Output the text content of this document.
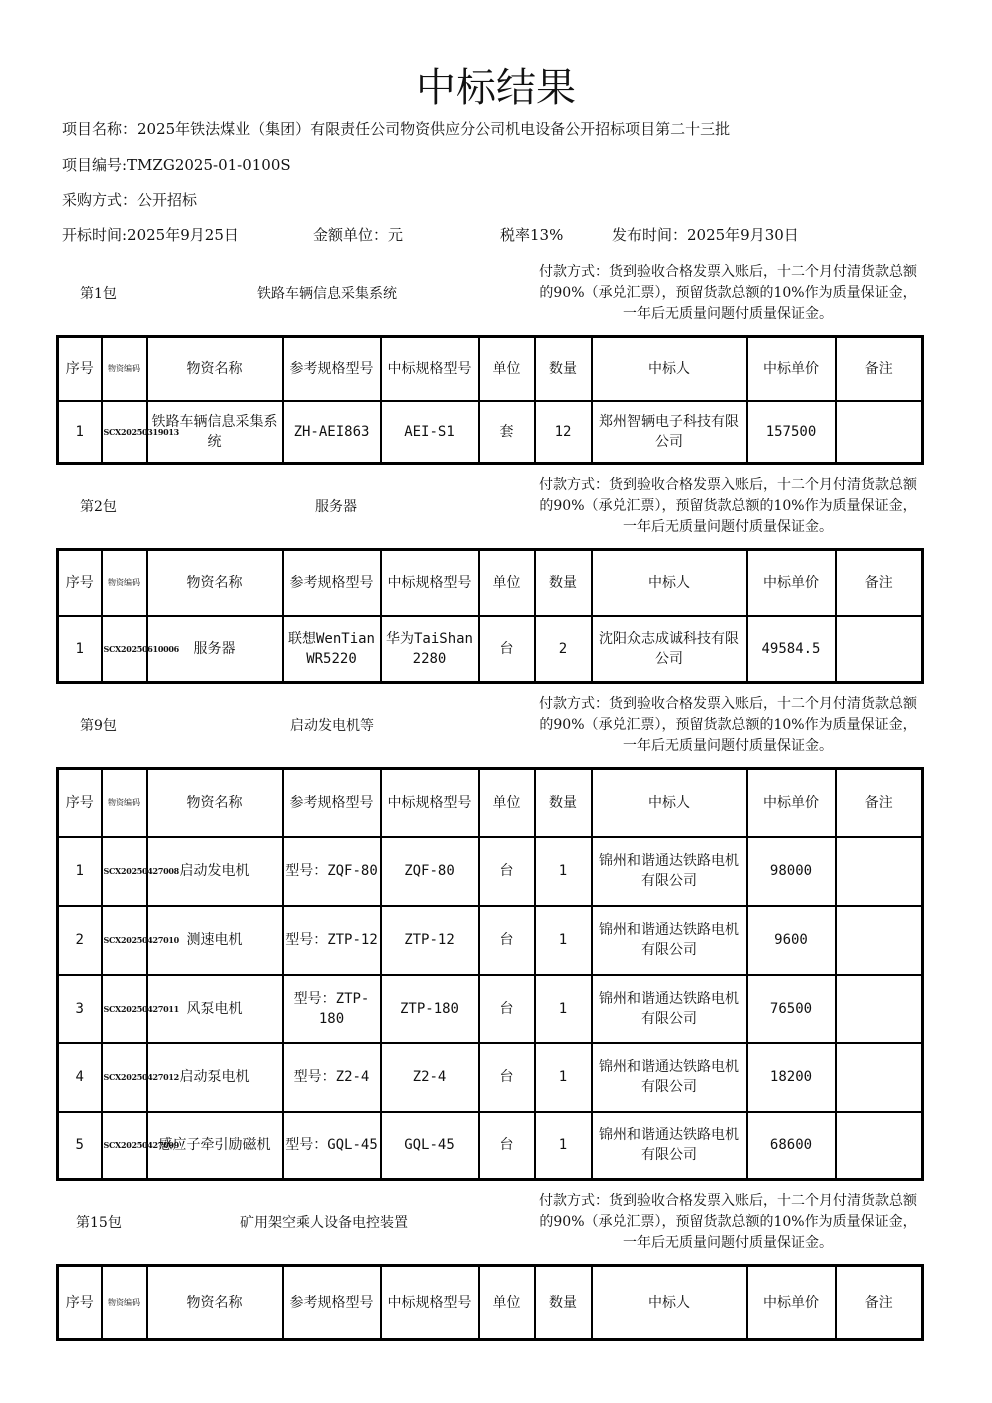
中标结果
项目名称：2025年铁法煤业（集团）有限责任公司物资供应分公司机电设备公开招标项目第二十三批
项目编号:TMZG2025-01-0100S
采购方式：公开招标
开标时间:2025年9月25日	金额单位：元	税率13%	发布时间：2025年9月30日
第1包	铁路车辆信息采集系统
付款方式：货到验收合格发票入账后，十二个月付清货款总额的90%（承兑汇票），预留货款总额的10%作为质量保证金，一年后无质量问题付质量保证金。
序号	物资编码	物资名称	参考规格型号	中标规格型号	单位	数量	中标人	中标单价	备注
1	SCX20250319013	铁路车辆信息采集系统	ZH-AEI863	AEI-S1	套	12	郑州智辆电子科技有限公司	157500	
第2包	服务器
付款方式：货到验收合格发票入账后，十二个月付清货款总额的90%（承兑汇票），预留货款总额的10%作为质量保证金，一年后无质量问题付质量保证金。
序号	物资编码	物资名称	参考规格型号	中标规格型号	单位	数量	中标人	中标单价	备注
1	SCX20250610006	服务器	联想WenTian WR5220	华为TaiShan 2280	台	2	沈阳众志成诚科技有限公司	49584.5	
第9包	启动发电机等
付款方式：货到验收合格发票入账后，十二个月付清货款总额的90%（承兑汇票），预留货款总额的10%作为质量保证金，一年后无质量问题付质量保证金。
序号	物资编码	物资名称	参考规格型号	中标规格型号	单位	数量	中标人	中标单价	备注
1	SCX20250427008	启动发电机	型号：ZQF-80	ZQF-80	台	1	锦州和谐通达铁路电机有限公司	98000	
2	SCX20250427010	测速电机	型号：ZTP-12	ZTP-12	台	1	锦州和谐通达铁路电机有限公司	9600	
3	SCX20250427011	风泵电机	型号：ZTP-180	ZTP-180	台	1	锦州和谐通达铁路电机有限公司	76500	
4	SCX20250427012	启动泵电机	型号：Z2-4	Z2-4	台	1	锦州和谐通达铁路电机有限公司	18200	
5	SCX20250427009	感应子牵引励磁机	型号：GQL-45	GQL-45	台	1	锦州和谐通达铁路电机有限公司	68600	
第15包	矿用架空乘人设备电控装置
付款方式：货到验收合格发票入账后，十二个月付清货款总额的90%（承兑汇票），预留货款总额的10%作为质量保证金，一年后无质量问题付质量保证金。
序号	物资编码	物资名称	参考规格型号	中标规格型号	单位	数量	中标人	中标单价	备注
